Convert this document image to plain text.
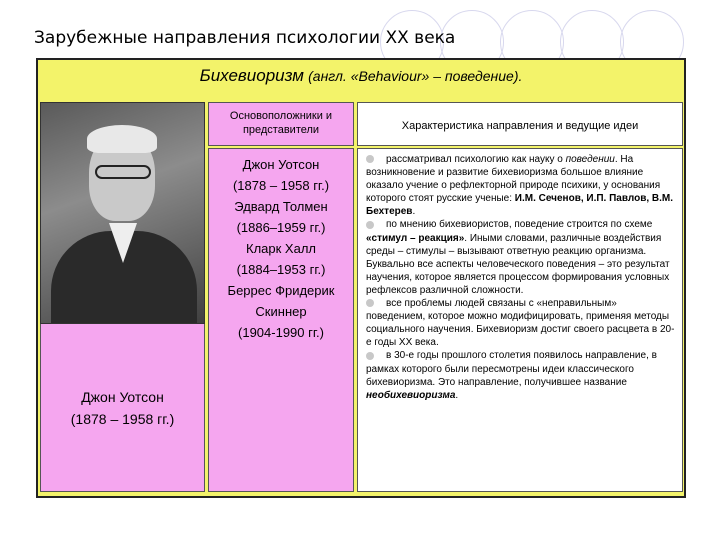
Зарубежные направления психологии XX века
Бихевиоризм (англ. «Behaviour» – поведение).
Джон Уотсон
(1878 – 1958 гг.)
Основоположники и
представители
Джон Уотсон
(1878 – 1958 гг.)
Эдвард Толмен
(1886–1959 гг.)
Кларк Халл
(1884–1953 гг.)
Беррес Фридерик
Скиннер
(1904-1990 гг.)
Характеристика направления и ведущие идеи

рассматривал психологию как науку о поведении. На возникновение и развитие бихевиоризма большое влияние оказало учение о рефлекторной природе психики, у основания которого стоят русские ученые: И.М. Сеченов, И.П. Павлов, В.М. Бехтерев.

по мнению бихевиористов, поведение строится по схеме «стимул – реакция». Иными словами, различные воздействия среды – стимулы – вызывают ответную реакцию организма. Буквально все аспекты человеческого поведения – это результат научения, которое является процессом формирования условных рефлексов различной сложности.

все проблемы людей связаны с «неправильным» поведением, которое можно модифицировать, применяя методы социального научения. Бихевиоризм достиг своего расцвета в 20-е годы XX века.

в 30-е годы прошлого столетия появилось направление, в рамках которого были пересмотрены идеи классического бихевиоризма. Это направление, получившее название необихевиоризма.
